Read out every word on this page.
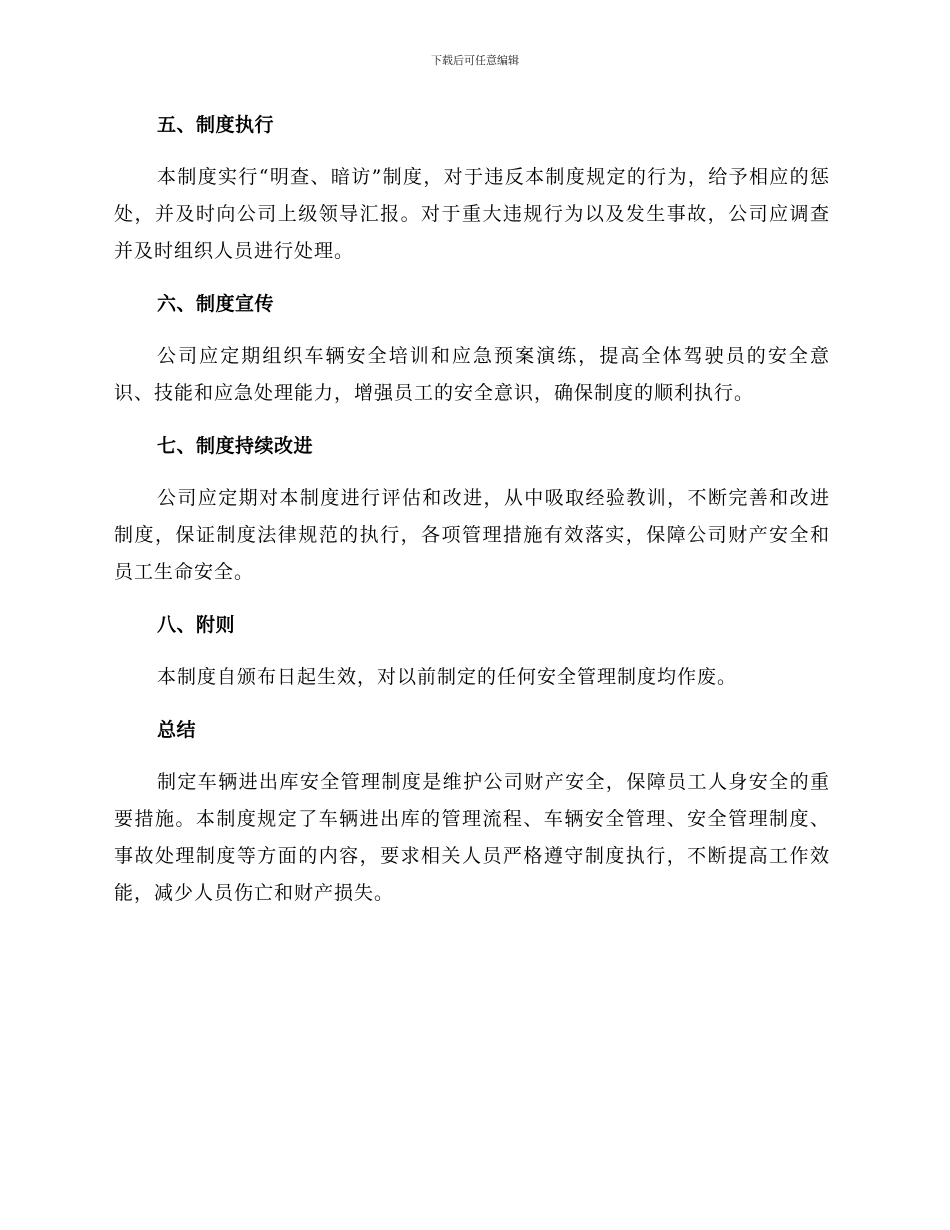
下载后可任意编辑
五、制度执行

本制度实行“明查、暗访”制度，对于违反本制度规定的行为，给予相应的惩处，并及时向公司上级领导汇报。对于重大违规行为以及发生事故，公司应调查并及时组织人员进行处理。

六、制度宣传

公司应定期组织车辆安全培训和应急预案演练，提高全体驾驶员的安全意识、技能和应急处理能力，增强员工的安全意识，确保制度的顺利执行。

七、制度持续改进

公司应定期对本制度进行评估和改进，从中吸取经验教训，不断完善和改进制度，保证制度法律规范的执行，各项管理措施有效落实，保障公司财产安全和员工生命安全。

八、附则

本制度自颁布日起生效，对以前制定的任何安全管理制度均作废。

总结

制定车辆进出库安全管理制度是维护公司财产安全，保障员工人身安全的重要措施。本制度规定了车辆进出库的管理流程、车辆安全管理、安全管理制度、事故处理制度等方面的内容，要求相关人员严格遵守制度执行，不断提高工作效能，减少人员伤亡和财产损失。
